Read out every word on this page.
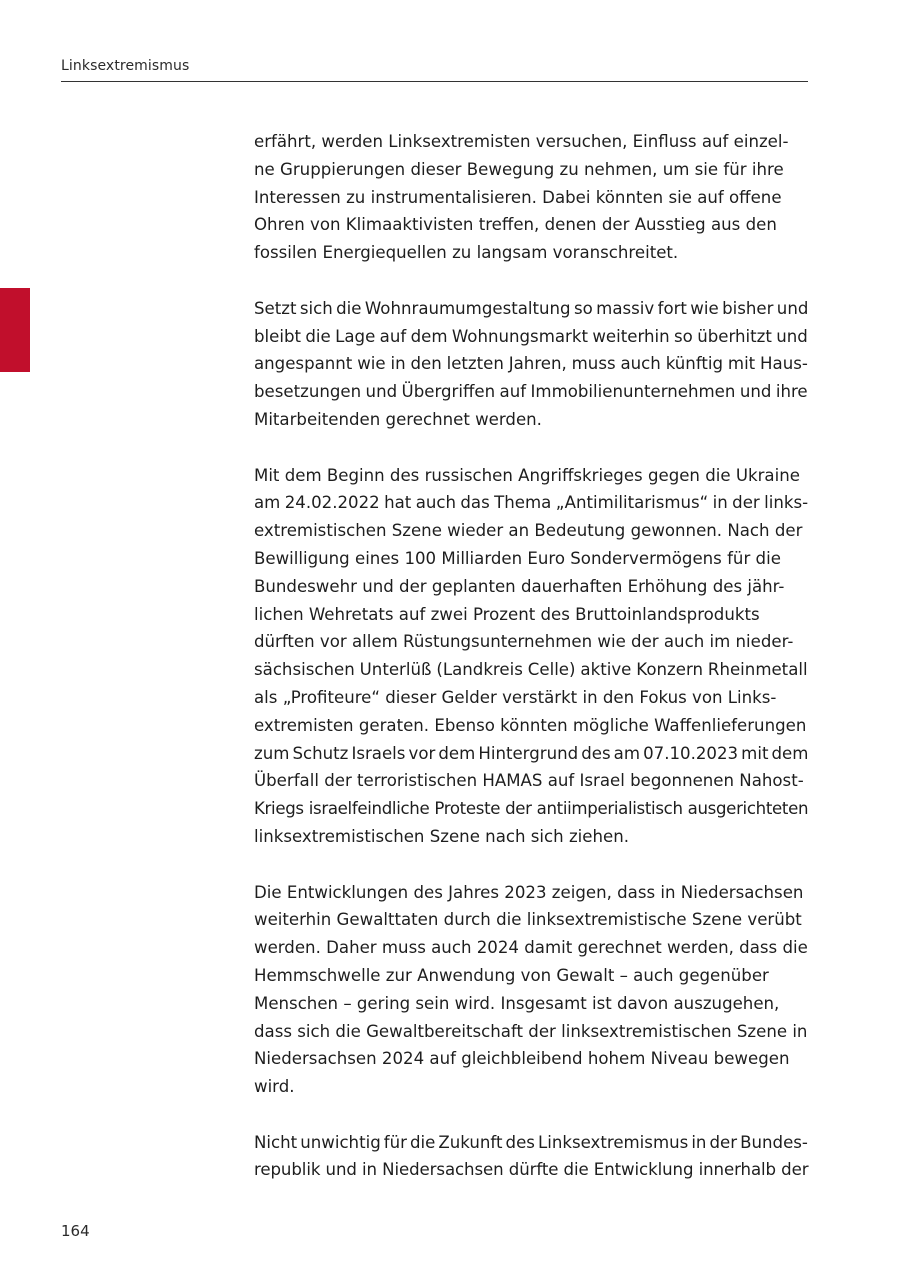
Linksextremismus

erfährt, werden Linksextremisten versuchen, Einfluss auf einzel-
ne Gruppierungen dieser Bewegung zu nehmen, um sie für ihre
Interessen zu instrumentalisieren. Dabei könnten sie auf offene
Ohren von Klimaaktivisten treffen, denen der Ausstieg aus den
fossilen Energiequellen zu langsam voranschreitet.

Setzt sich die Wohnraumumgestaltung so massiv fort wie bisher und
bleibt die Lage auf dem Wohnungsmarkt weiterhin so überhitzt und
angespannt wie in den letzten Jahren, muss auch künftig mit Haus-
besetzungen und Übergriffen auf Immobilienunternehmen und ihre
Mitarbeitenden gerechnet werden.

Mit dem Beginn des russischen Angriffskrieges gegen die Ukraine
am 24.02.2022 hat auch das Thema „Antimilitarismus“ in der links-
extremistischen Szene wieder an Bedeutung gewonnen. Nach der
Bewilligung eines 100 Milliarden Euro Sondervermögens für die
Bundeswehr und der geplanten dauerhaften Erhöhung des jähr-
lichen Wehretats auf zwei Prozent des Bruttoinlandsprodukts
dürften vor allem Rüstungsunternehmen wie der auch im nieder-
sächsischen Unterlüß (Landkreis Celle) aktive Konzern Rheinmetall
als „Profiteure“ dieser Gelder verstärkt in den Fokus von Links-
extremisten geraten. Ebenso könnten mögliche Waffenlieferungen
zum Schutz Israels vor dem Hintergrund des am 07.10.2023 mit dem
Überfall der terroristischen HAMAS auf Israel begonnenen Nahost-
Kriegs israelfeindliche Proteste der antiimperialistisch ausgerichteten
linksextremistischen Szene nach sich ziehen.

Die Entwicklungen des Jahres 2023 zeigen, dass in Niedersachsen
weiterhin Gewalttaten durch die linksextremistische Szene verübt
werden. Daher muss auch 2024 damit gerechnet werden, dass die
Hemmschwelle zur Anwendung von Gewalt – auch gegenüber
Menschen – gering sein wird. Insgesamt ist davon auszugehen,
dass sich die Gewaltbereitschaft der linksextremistischen Szene in
Niedersachsen 2024 auf gleichbleibend hohem Niveau bewegen
wird.

Nicht unwichtig für die Zukunft des Linksextremismus in der Bundes-
republik und in Niedersachsen dürfte die Entwicklung innerhalb der

164
